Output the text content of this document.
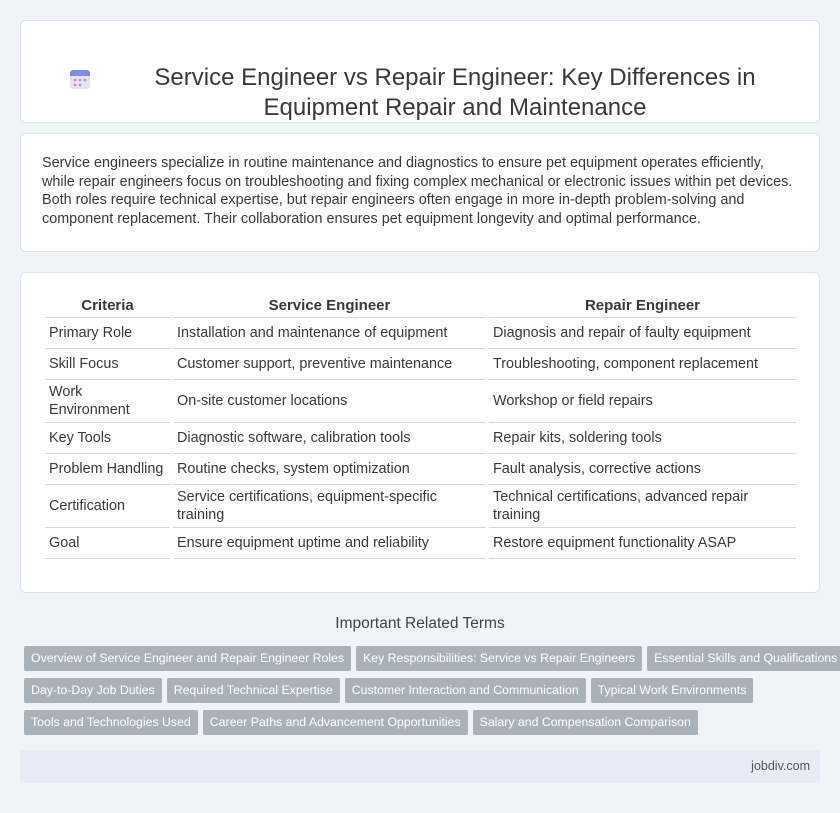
Service Engineer vs Repair Engineer: Key Differences in Equipment Repair and Maintenance

Service engineers specialize in routine maintenance and diagnostics to ensure pet equipment operates efficiently, while repair engineers focus on troubleshooting and fixing complex mechanical or electronic issues within pet devices. Both roles require technical expertise, but repair engineers often engage in more in-depth problem-solving and component replacement. Their collaboration ensures pet equipment longevity and optimal performance.

Criteria	Service Engineer	Repair Engineer
Primary Role	Installation and maintenance of equipment	Diagnosis and repair of faulty equipment
Skill Focus	Customer support, preventive maintenance	Troubleshooting, component replacement
Work Environment	On-site customer locations	Workshop or field repairs
Key Tools	Diagnostic software, calibration tools	Repair kits, soldering tools
Problem Handling	Routine checks, system optimization	Fault analysis, corrective actions
Certification	Service certifications, equipment-specific training	Technical certifications, advanced repair training
Goal	Ensure equipment uptime and reliability	Restore equipment functionality ASAP
Important Related Terms
Overview of Service Engineer and Repair Engineer Roles Key Responsibilities: Service vs Repair Engineers Essential Skills and Qualifications
Day-to-Day Job Duties Required Technical Expertise Customer Interaction and Communication Typical Work Environments
Tools and Technologies Used Career Paths and Advancement Opportunities Salary and Compensation Comparison
jobdiv.com
